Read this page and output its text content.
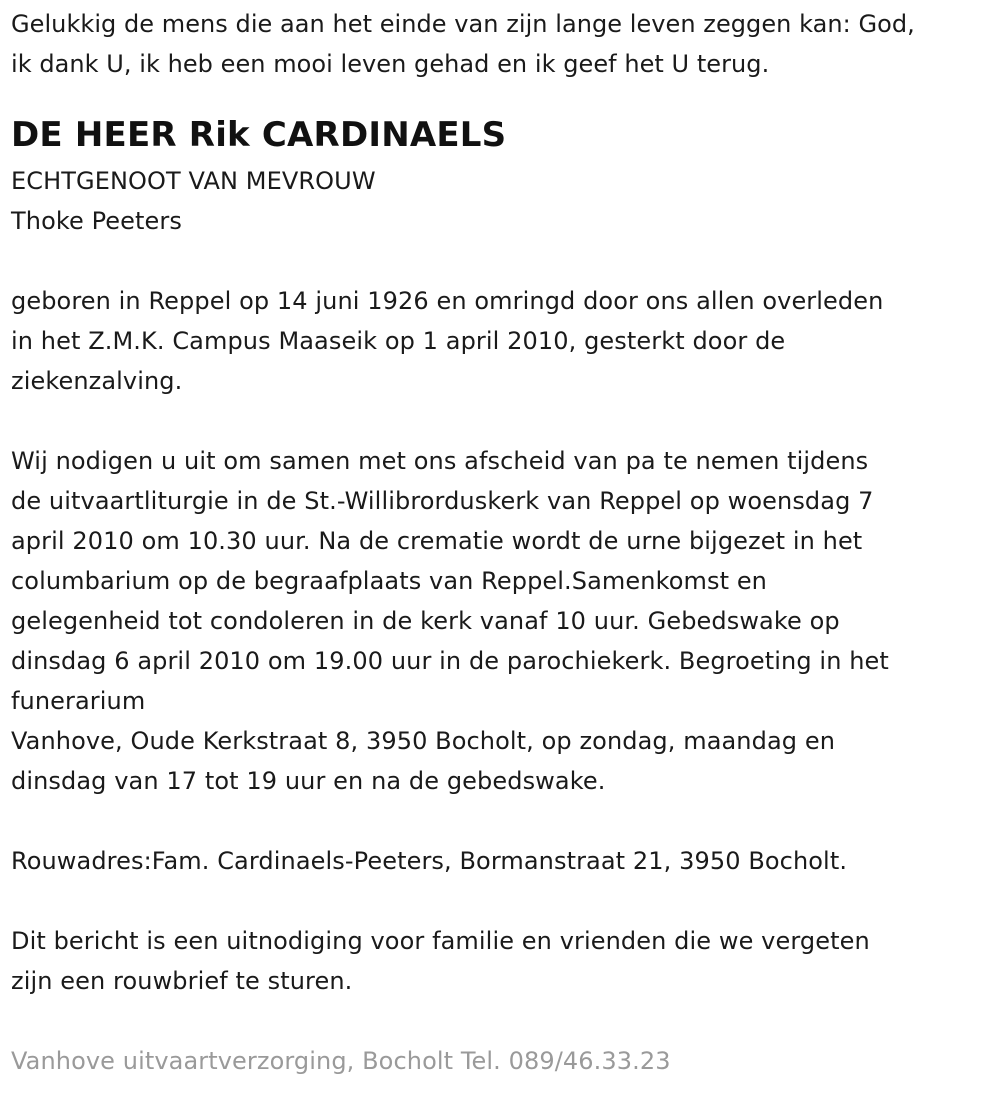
Gelukkig de mens die aan het einde van zijn lange leven zeggen kan: God,

ik dank U, ik heb een mooi leven gehad en ik geef het U terug.

DE HEER Rik CARDINAELS

ECHTGENOOT VAN MEVROUW

Thoke Peeters

geboren in Reppel op 14 juni 1926 en omringd door ons allen overleden

in het Z.M.K. Campus Maaseik op 1 april 2010, gesterkt door de

ziekenzalving.

Wij nodigen u uit om samen met ons afscheid van pa te nemen tijdens

de uitvaartliturgie in de St.-Willibrorduskerk van Reppel op woensdag 7

april 2010 om 10.30 uur. Na de crematie wordt de urne bijgezet in het

columbarium op de begraafplaats van Reppel.Samenkomst en

gelegenheid tot condoleren in de kerk vanaf 10 uur. Gebedswake op

dinsdag 6 april 2010 om 19.00 uur in de parochiekerk. Begroeting in het

funerarium

Vanhove, Oude Kerkstraat 8, 3950 Bocholt, op zondag, maandag en

dinsdag van 17 tot 19 uur en na de gebedswake.

Rouwadres:Fam. Cardinaels-Peeters, Bormanstraat 21, 3950 Bocholt.

Dit bericht is een uitnodiging voor familie en vrienden die we vergeten

zijn een rouwbrief te sturen.

Vanhove uitvaartverzorging, Bocholt Tel. 089/46.33.23
